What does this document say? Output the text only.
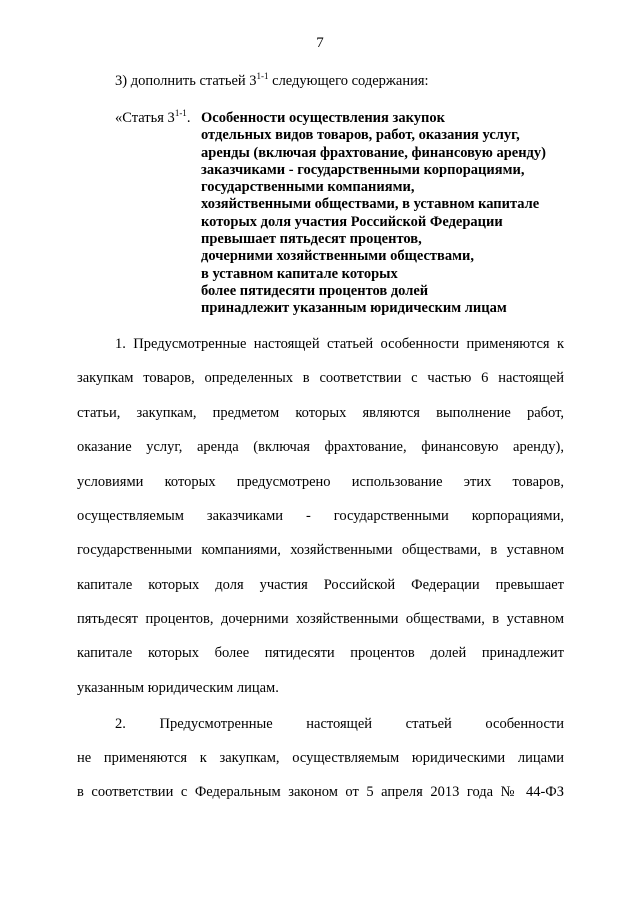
7
3) дополнить статьей 3$^{1-1}$ следующего содержания:
«Статья 3$^{1-1}$. Особенности осуществления закупок
отдельных видов товаров, работ, оказания услуг,
аренды (включая фрахтование, финансовую аренду)
заказчиками - государственными корпорациями,
государственными компаниями,
хозяйственными обществами, в уставном капитале
которых доля участия Российской Федерации
превышает пятьдесят процентов,
дочерними хозяйственными обществами,
в уставном капитале которых
более пятидесяти процентов долей
принадлежит указанным юридическим лицам
1. Предусмотренные настоящей статьей особенности применяются к
закупкам товаров, определенных в соответствии с частью 6 настоящей
статьи, закупкам, предметом которых являются выполнение работ,
оказание услуг, аренда (включая фрахтование, финансовую аренду),
условиями которых предусмотрено использование этих товаров,
осуществляемым заказчиками - государственными корпорациями,
государственными компаниями, хозяйственными обществами, в уставном
капитале которых доля участия Российской Федерации превышает
пятьдесят процентов, дочерними хозяйственными обществами, в уставном
капитале которых более пятидесяти процентов долей принадлежит
указанным юридическим лицам.
2. Предусмотренные настоящей статьей особенности
не применяются к закупкам, осуществляемым юридическими лицами
в соответствии с Федеральным законом от 5 апреля 2013 года № 44-ФЗ
